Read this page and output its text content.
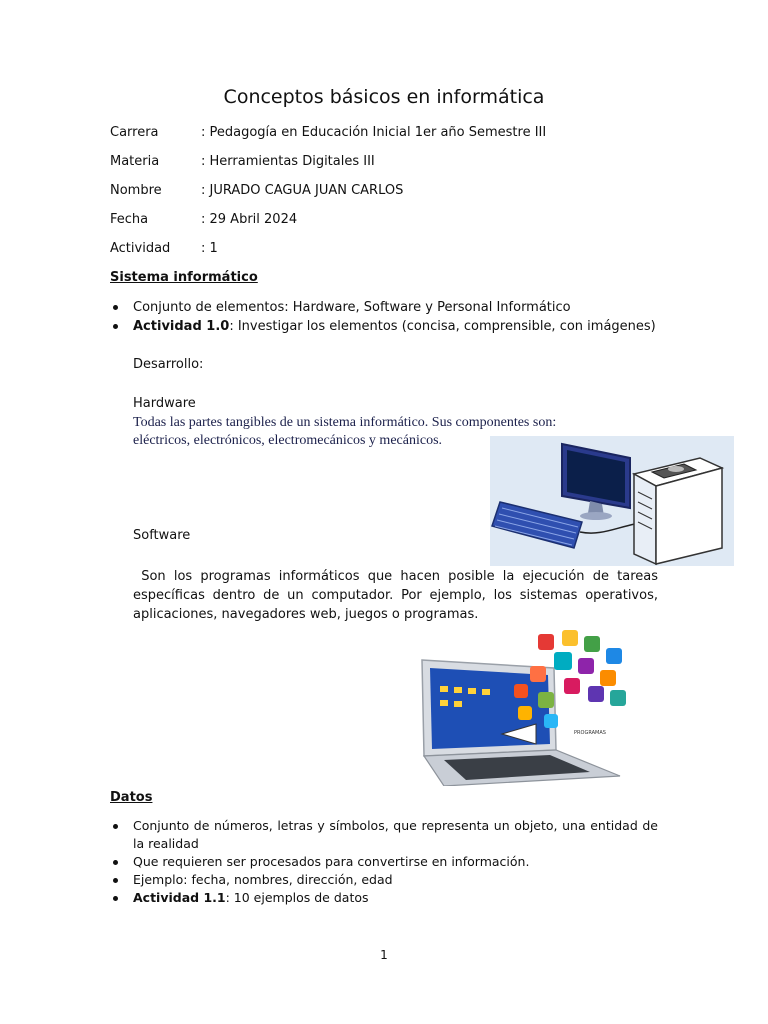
Conceptos básicos en informática
Carrera	: Pedagogía en Educación Inicial 1er año Semestre III
Materia	: Herramientas Digitales III
Nombre	: JURADO CAGUA JUAN CARLOS
Fecha	: 29 Abril 2024
Actividad : 1
Sistema informático
Conjunto de elementos: Hardware, Software y Personal Informático
Actividad 1.0: Investigar los elementos (concisa, comprensible, con imágenes)
Desarrollo:
Hardware
Todas las partes tangibles de un sistema informático. Sus componentes son:
eléctricos, electrónicos, electromecánicos y mecánicos.
Software
Son los programas informáticos que hacen posible la ejecución de tareas específicas dentro de un computador. Por ejemplo, los sistemas operativos, aplicaciones, navegadores web, juegos o programas.
PROGRAMAS
Datos
Conjunto de números, letras y símbolos, que representa un objeto, una entidad de la realidad
Que requieren ser procesados para convertirse en información.
Ejemplo: fecha, nombres, dirección, edad
Actividad 1.1: 10 ejemplos de datos
1
